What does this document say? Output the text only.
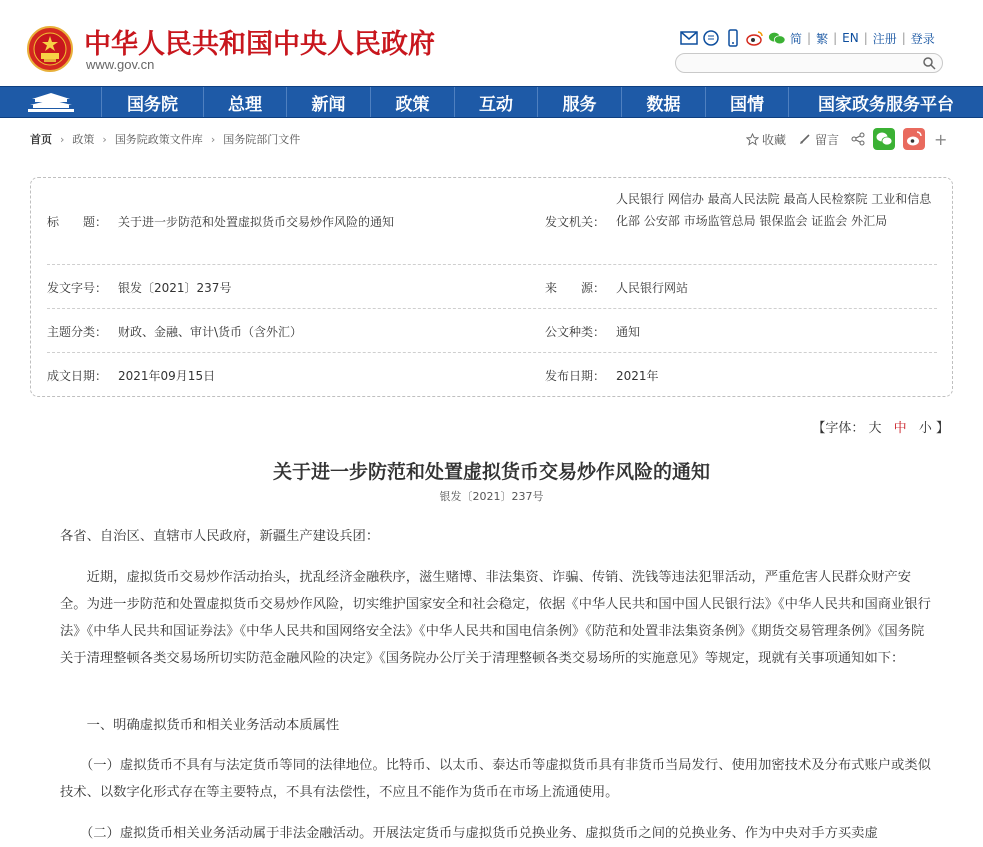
中华人民共和国中央人民政府
www.gov.cn
简 | 繁 | EN | 注册 | 登录
国务院	总理	新闻	政策	互动	服务	数据	国情	国家政务服务平台
首页 › 政策 › 国务院政策文件库 › 国务院部门文件	收藏 留言	+
标　　题： 关于进一步防范和处置虚拟货币交易炒作风险的通知	发文机关：
人民银行 网信办 最高人民法院 最高人民检察院 工业和信息化部 公安部 市场监管总局 银保监会 证监会 外汇局
发文字号： 银发〔2021〕237号	来　　源： 人民银行网站
主题分类： 财政、金融、审计\货币（含外汇）	公文种类： 通知
成文日期： 2021年09月15日	发布日期： 2021年
【字体： 大 中 小 】
关于进一步防范和处置虚拟货币交易炒作风险的通知
银发〔2021〕237号
各省、自治区、直辖市人民政府，新疆生产建设兵团：
　　近期，虚拟货币交易炒作活动抬头，扰乱经济金融秩序，滋生赌博、非法集资、诈骗、传销、洗钱等违法犯罪活动，严重危害人民群众财产安全。为进一步防范和处置虚拟货币交易炒作风险，切实维护国家安全和社会稳定，依据《中华人民共和国中国人民银行法》《中华人民共和国商业银行法》《中华人民共和国证券法》《中华人民共和国网络安全法》《中华人民共和国电信条例》《防范和处置非法集资条例》《期货交易管理条例》《国务院关于清理整顿各类交易场所切实防范金融风险的决定》《国务院办公厅关于清理整顿各类交易场所的实施意见》等规定，现就有关事项通知如下：
　　一、明确虚拟货币和相关业务活动本质属性
　　（一）虚拟货币不具有与法定货币等同的法律地位。比特币、以太币、泰达币等虚拟货币具有非货币当局发行、使用加密技术及分布式账户或类似技术、以数字化形式存在等主要特点，不具有法偿性，不应且不能作为货币在市场上流通使用。
　　（二）虚拟货币相关业务活动属于非法金融活动。开展法定货币与虚拟货币兑换业务、虚拟货币之间的兑换业务、作为中央对手方买卖虚
